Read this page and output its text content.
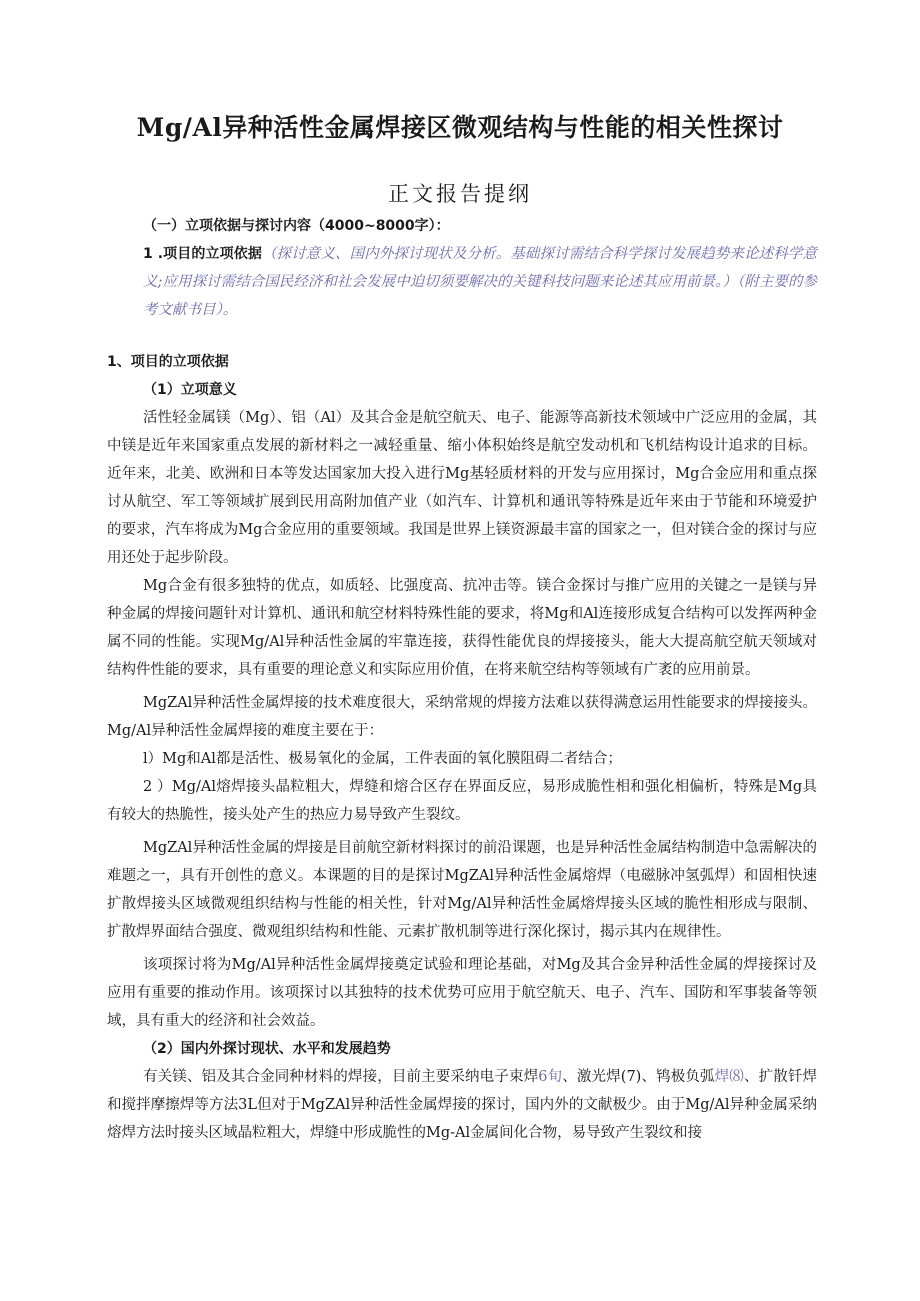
Mg/Al异种活性金属焊接区微观结构与性能的相关性探讨
正文报告提纲

（一）立项依据与探讨内容（4000~8000字）：

1 .项目的立项依据（探讨意义、国内外探讨现状及分析。基础探讨需结合科学探讨发展趋势来论述科学意义;应用探讨需结合国民经济和社会发展中迫切须要解决的关键科技问题来论述其应用前景。）（附主要的参考文献书目）。

1、项目的立项依据

（1）立项意义

活性轻金属镁（Mg）、铝（Al）及其合金是航空航天、电子、能源等高新技术领域中广泛应用的金属，其中镁是近年来国家重点发展的新材料之一减轻重量、缩小体积始终是航空发动机和飞机结构设计追求的目标。近年来，北美、欧洲和日本等发达国家加大投入进行Mg基轻质材料的开发与应用探讨，Mg合金应用和重点探讨从航空、军工等领域扩展到民用高附加值产业（如汽车、计算机和通讯等特殊是近年来由于节能和环境爱护的要求，汽车将成为Mg合金应用的重要领域。我国是世界上镁资源最丰富的国家之一，但对镁合金的探讨与应用还处于起步阶段。

Mg合金有很多独特的优点，如质轻、比强度高、抗冲击等。镁合金探讨与推广应用的关键之一是镁与异种金属的焊接问题针对计算机、通讯和航空材料特殊性能的要求，将Mg和Al连接形成复合结构可以发挥两种金属不同的性能。实现Mg/Al异种活性金属的牢靠连接，获得性能优良的焊接接头，能大大提高航空航天领域对结构件性能的要求，具有重要的理论意义和实际应用价值，在将来航空结构等领域有广袤的应用前景。

MgZAl异种活性金属焊接的技术难度很大，采纳常规的焊接方法难以获得满意运用性能要求的焊接接头。Mg/Al异种活性金属焊接的难度主要在于：

l）Mg和Al都是活性、极易氧化的金属，工件表面的氧化膜阻碍二者结合；

2 ）Mg/Al熔焊接头晶粒粗大，焊缝和熔合区存在界面反应，易形成脆性相和强化相偏析，特殊是Mg具有较大的热脆性，接头处产生的热应力易导致产生裂纹。

MgZAl异种活性金属的焊接是目前航空新材料探讨的前沿课题，也是异种活性金属结构制造中急需解决的难题之一，具有开创性的意义。本课题的目的是探讨MgZAl异种活性金属熔焊（电磁脉冲氢弧焊）和固相快速扩散焊接头区域微观组织结构与性能的相关性，针对Mg/Al异种活性金属熔焊接头区域的脆性相形成与限制、扩散焊界面结合强度、微观组织结构和性能、元素扩散机制等进行深化探讨，揭示其内在规律性。

该项探讨将为Mg/Al异种活性金属焊接奠定试验和理论基础，对Mg及其合金异种活性金属的焊接探讨及应用有重要的推动作用。该项探讨以其独特的技术优势可应用于航空航天、电子、汽车、国防和军事装备等领域，具有重大的经济和社会效益。

（2）国内外探讨现状、水平和发展趋势

有关镁、铝及其合金同种材料的焊接，目前主要采纳电子束焊6旬、激光焊(7)、鸨极负弧焊⑻、扩散钎焊和搅拌摩擦焊等方法3L但对于MgZAl异种活性金属焊接的探讨，国内外的文献极少。由于Mg/Al异种金属采纳熔焊方法时接头区域晶粒粗大，焊缝中形成脆性的Mg-Al金属间化合物，易导致产生裂纹和接
